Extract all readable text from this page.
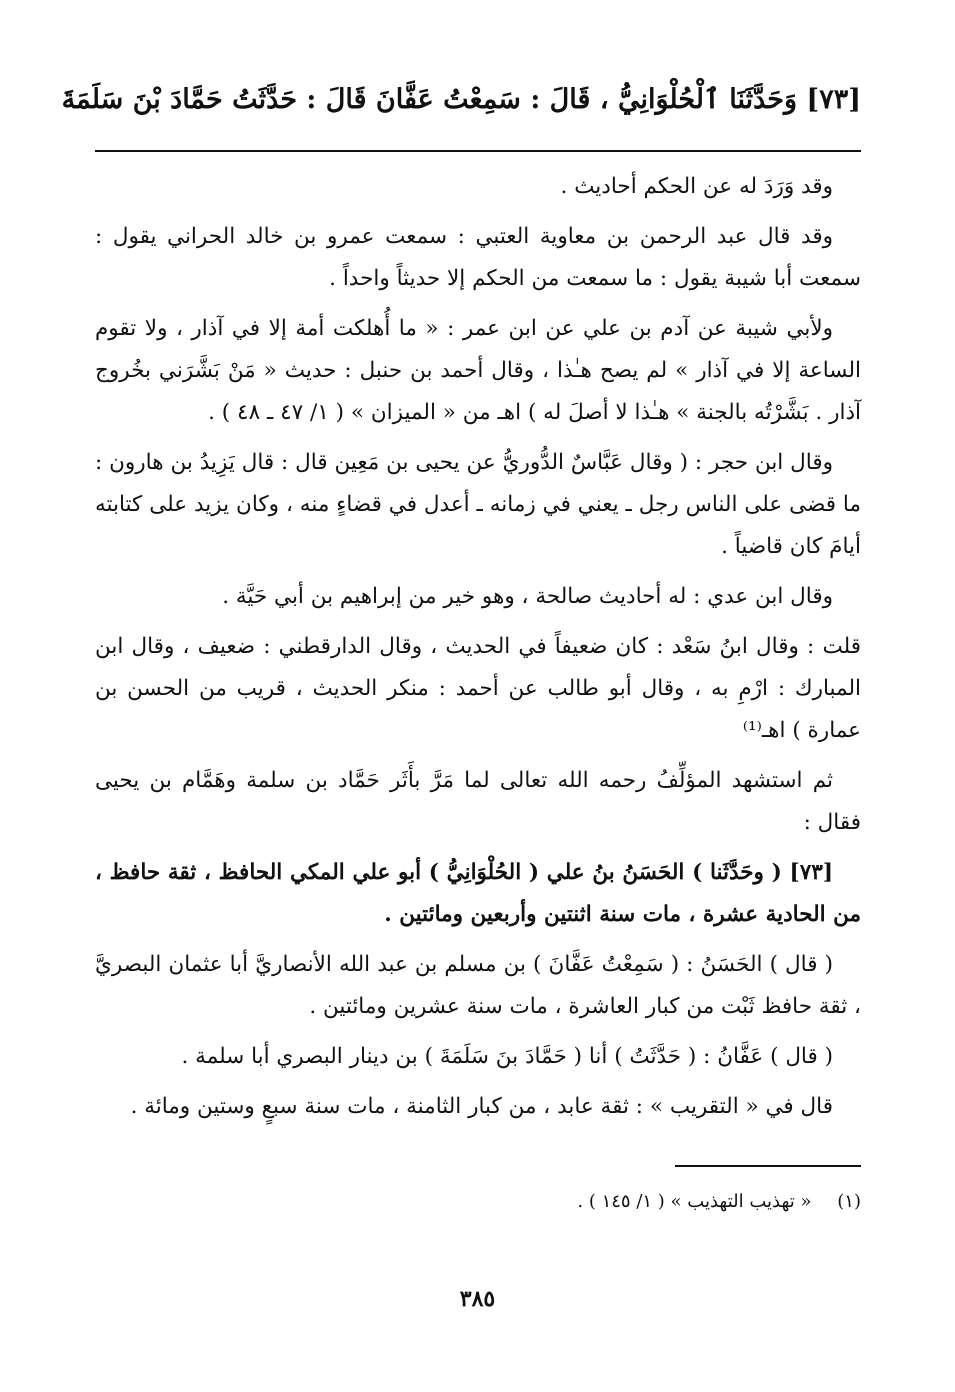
[٧٣] وَحَدَّثَنَا ٱلْحُلْوَانِيُّ ، قَالَ : سَمِعْتُ عَفَّانَ قَالَ : حَدَّثَتُ حَمَّادَ بْنَ سَلَمَةَ

وقد وَرَدَ له عن الحكم أحاديث .

وقد قال عبد الرحمن بن معاوية العتبي : سمعت عمرو بن خالد الحراني يقول : سمعت أبا شيبة يقول : ما سمعت من الحكم إلا حديثاً واحداً .

ولأبي شيبة عن آدم بن علي عن ابن عمر : « ما أُهلكت أمة إلا في آذار ، ولا تقوم الساعة إلا في آذار » لم يصح هـٰذا ، وقال أحمد بن حنبل : حديث « مَنْ بَشَّرَني بخُروج آذار . بَشَّرْتُه بالجنة » هـٰذا لا أصلَ له ) اهـ من « الميزان » ( ١/ ٤٧ ـ ٤٨ ) .

وقال ابن حجر : ( وقال عَبَّاسٌ الدُّوريُّ عن يحيى بن مَعِين قال : قال يَزِيدُ بن هارون : ما قضى على الناس رجل ـ يعني في زمانه ـ أعدل في قضاءٍ منه ، وكان يزيد على كتابته أيامَ كان قاضياً .

وقال ابن عدي : له أحاديث صالحة ، وهو خير من إبراهيم بن أبي حَيَّة .

قلت : وقال ابنُ سَعْد : كان ضعيفاً في الحديث ، وقال الدارقطني : ضعيف ، وقال ابن المبارك : ارْمِ به ، وقال أبو طالب عن أحمد : منكر الحديث ، قريب من الحسن بن عمارة ) اهـ⁽¹⁾

ثم استشهد المؤلِّفُ رحمه الله تعالى لما مَرَّ بأَثَر حَمَّاد بن سلمة وهَمَّام بن يحيى فقال :

[٧٣] ( وحَدَّثَنا ) الحَسَنُ بنُ علي ( الحُلْوَانِيُّ ) أبو علي المكي الحافظ ، ثقة حافظ ، من الحادية عشرة ، مات سنة اثنتين وأربعين ومائتين .

( قال ) الحَسَنُ : ( سَمِعْتُ عَفَّانَ ) بن مسلم بن عبد الله الأنصاريَّ أبا عثمان البصريَّ ، ثقة حافظ ثَبْت من كبار العاشرة ، مات سنة عشرين ومائتين .

( قال ) عَفَّانُ : ( حَدَّثَتُ ) أنا ( حَمَّادَ بنَ سَلَمَةَ ) بن دينار البصري أبا سلمة .

قال في « التقريب » : ثقة عابد ، من كبار الثامنة ، مات سنة سبعٍ وستين ومائة .

(١) « تهذيب التهذيب » ( ١/ ١٤٥ ) .
٣٨٥
